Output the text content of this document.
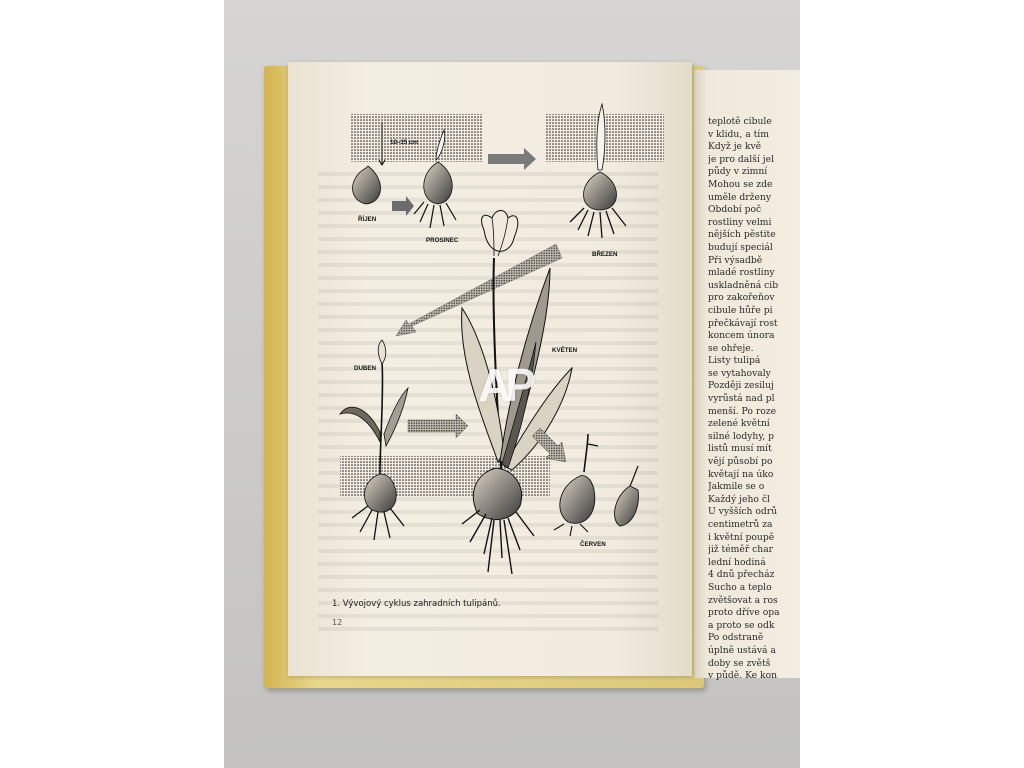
teplotě cibule
v klidu, a tím
Když je kvě
je pro další jel
půdy v zimní
Mohou se zde
uměle drženy
Období poč
rostliny velmi
nějších pěstite
budují speciál
Při výsadbě
mladé rostliny
uskladněná cib
pro zakořeňov
cibule hůře pi
přečkávají rost
koncem února
se ohřeje.
Listy tulipá
se vytahovaly
Později zesiluj
vyrůstá nad pl
menší. Po roze
zelené květní
silné lodyhy, p
listů musí mít
vějí působí po
květají na úko
Jakmile se o
Každý jeho čl
U vyšších odrů
centimetrů za
i květní poupě
již téměř char
lední hodiná
4 dnů přecház
Sucho a teplo
zvětšovat a ros
proto dříve opa
a proto se odk
Po odstraně
úplně ustává a
doby se zvětš
v půdě. Ke kon
10–15 cm
ŘÍJEN
PROSINEC
BŘEZEN
KVĚTEN
DUBEN
ČERVEN
1. Vývojový cyklus zahradních tulipánů.
12
AP
